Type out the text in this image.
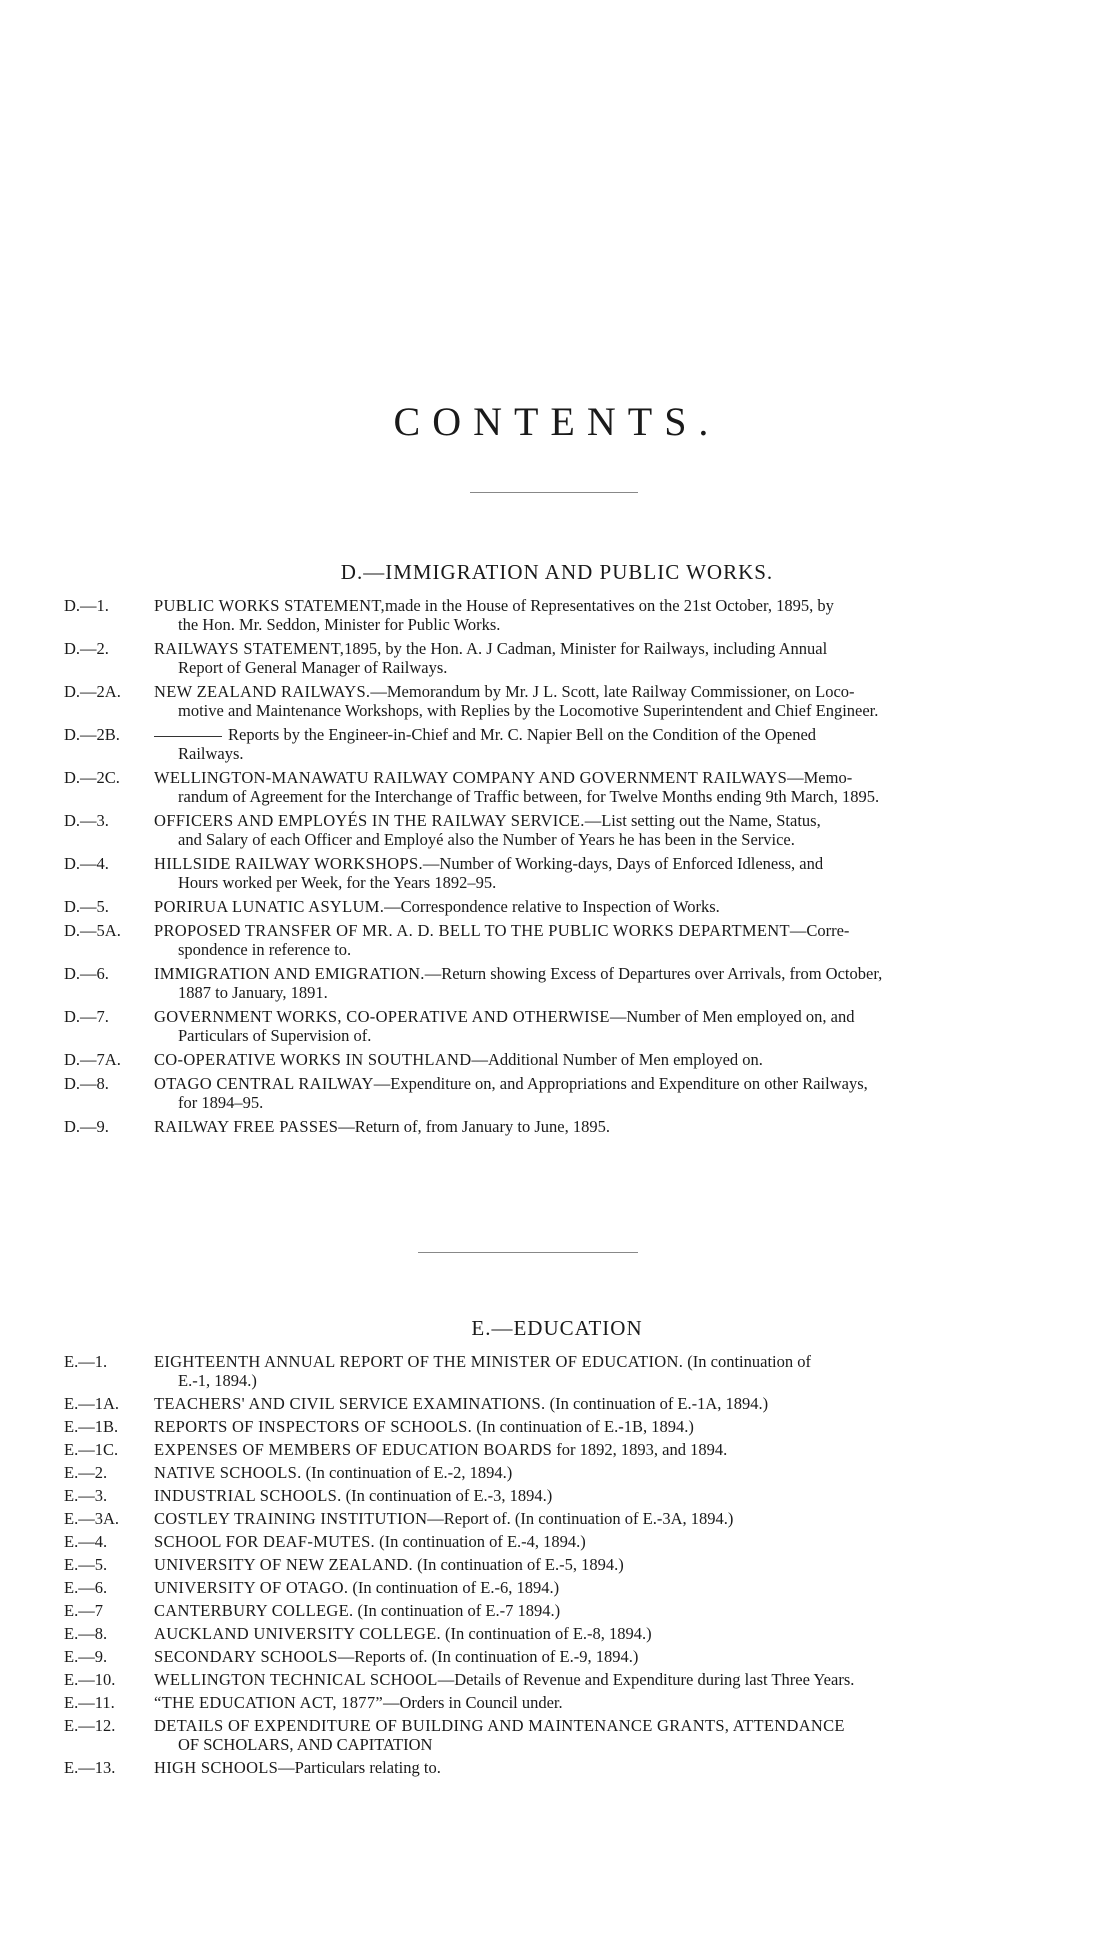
CONTENTS.
D.—IMMIGRATION AND PUBLIC WORKS.
D.—1.	PUBLIC WORKS STATEMENT,made in the House of Representatives on the 21st October, 1895, by
the Hon. Mr. Seddon, Minister for Public Works.
D.—2.	RAILWAYS STATEMENT,1895, by the Hon. A. J Cadman, Minister for Railways, including Annual
Report of General Manager of Railways.
D.—2A.	NEW ZEALAND RAILWAYS.—Memorandum by Mr. J L. Scott, late Railway Commissioner, on Loco-
motive and Maintenance Workshops, with Replies by the Locomotive Superintendent and Chief Engineer.
D.—2B.	Reports by the Engineer-in-Chief and Mr. C. Napier Bell on the Condition of the Opened
Railways.
D.—2C.	WELLINGTON-MANAWATU RAILWAY COMPANY AND GOVERNMENT RAILWAYS—Memo-
randum of Agreement for the Interchange of Traffic between, for Twelve Months ending 9th March, 1895.
D.—3.	OFFICERS AND EMPLOYÉS IN THE RAILWAY SERVICE.—List setting out the Name, Status,
and Salary of each Officer and Employé also the Number of Years he has been in the Service.
D.—4.	HILLSIDE RAILWAY WORKSHOPS.—Number of Working-days, Days of Enforced Idleness, and
Hours worked per Week, for the Years 1892–95.
D.—5.	PORIRUA LUNATIC ASYLUM.—Correspondence relative to Inspection of Works.
D.—5A.	PROPOSED TRANSFER OF MR. A. D. BELL TO THE PUBLIC WORKS DEPARTMENT—Corre-
spondence in reference to.
D.—6.	IMMIGRATION AND EMIGRATION.—Return showing Excess of Departures over Arrivals, from October,
1887 to January, 1891.
D.—7.	GOVERNMENT WORKS, CO-OPERATIVE AND OTHERWISE—Number of Men employed on, and
Particulars of Supervision of.
D.—7A.	CO-OPERATIVE WORKS IN SOUTHLAND—Additional Number of Men employed on.
D.—8.	OTAGO CENTRAL RAILWAY—Expenditure on, and Appropriations and Expenditure on other Railways,
for 1894–95.
D.—9.	RAILWAY FREE PASSES—Return of, from January to June, 1895.
E.—EDUCATION
E.—1.	EIGHTEENTH ANNUAL REPORT OF THE MINISTER OF EDUCATION. (In continuation of
E.-1, 1894.)
E.—1A.	TEACHERS' AND CIVIL SERVICE EXAMINATIONS. (In continuation of E.-1A, 1894.)
E.—1B.	REPORTS OF INSPECTORS OF SCHOOLS. (In continuation of E.-1B, 1894.)
E.—1C.	EXPENSES OF MEMBERS OF EDUCATION BOARDS for 1892, 1893, and 1894.
E.—2.	NATIVE SCHOOLS. (In continuation of E.-2, 1894.)
E.—3.	INDUSTRIAL SCHOOLS. (In continuation of E.-3, 1894.)
E.—3A.	COSTLEY TRAINING INSTITUTION—Report of. (In continuation of E.-3A, 1894.)
E.—4.	SCHOOL FOR DEAF-MUTES. (In continuation of E.-4, 1894.)
E.—5.	UNIVERSITY OF NEW ZEALAND. (In continuation of E.-5, 1894.)
E.—6.	UNIVERSITY OF OTAGO. (In continuation of E.-6, 1894.)
E.—7	CANTERBURY COLLEGE. (In continuation of E.-7 1894.)
E.—8.	AUCKLAND UNIVERSITY COLLEGE. (In continuation of E.-8, 1894.)
E.—9.	SECONDARY SCHOOLS—Reports of. (In continuation of E.-9, 1894.)
E.—10.	WELLINGTON TECHNICAL SCHOOL—Details of Revenue and Expenditure during last Three Years.
E.—11.	“THE EDUCATION ACT, 1877”—Orders in Council under.
E.—12.	DETAILS OF EXPENDITURE OF BUILDING AND MAINTENANCE GRANTS, ATTENDANCE
OF SCHOLARS, AND CAPITATION
E.—13.	HIGH SCHOOLS—Particulars relating to.
